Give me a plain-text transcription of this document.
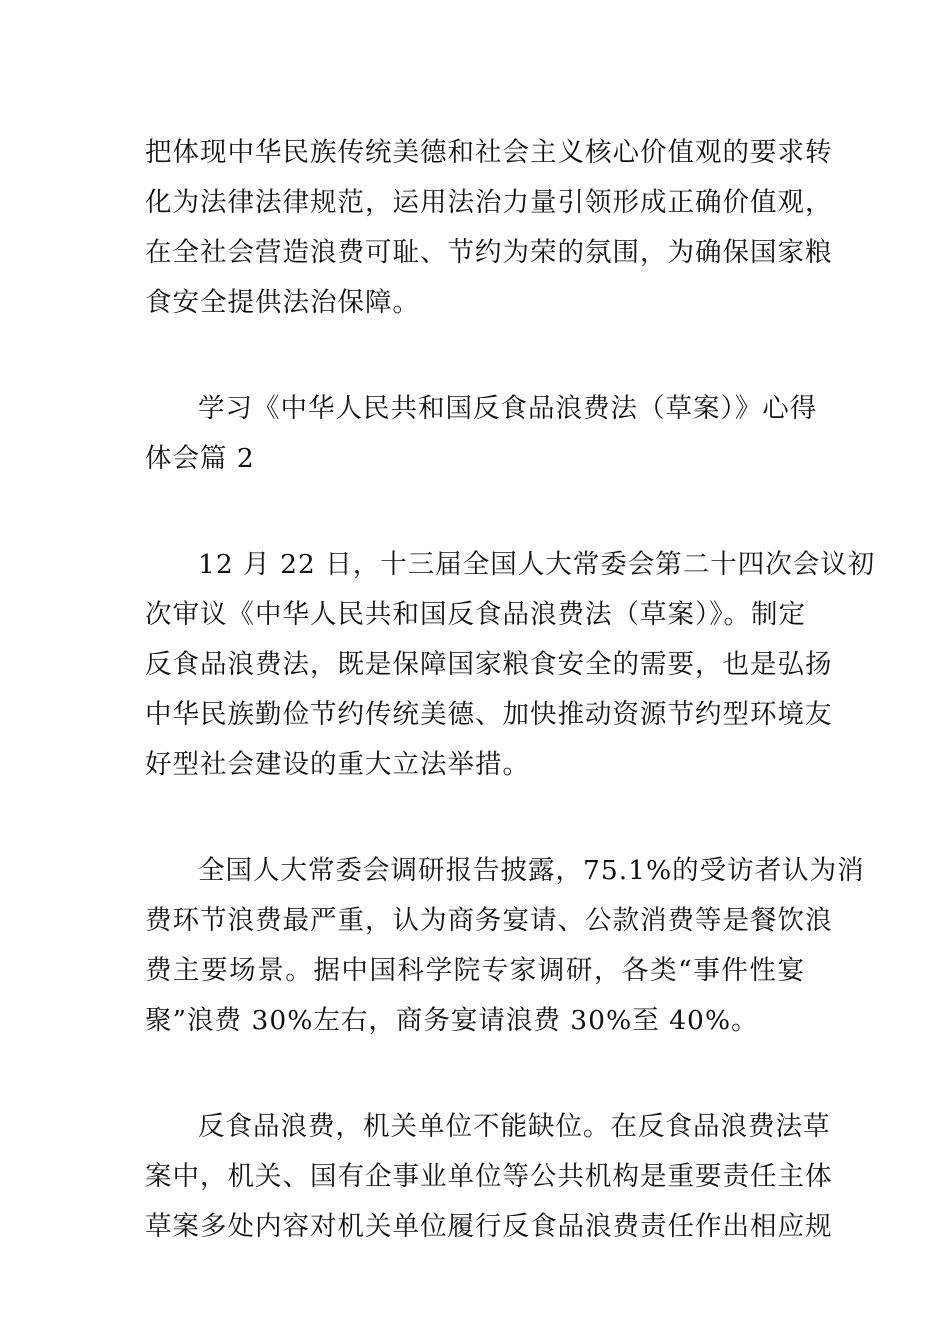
把体现中华民族传统美德和社会主义核心价值观的要求转
化为法律法律规范，运用法治力量引领形成正确价值观，
在全社会营造浪费可耻、节约为荣的氛围，为确保国家粮
食安全提供法治保障。
学习《中华人民共和国反食品浪费法（草案）》心得
体会篇 2
12 月 22 日，十三届全国人大常委会第二十四次会议初
次审议《中华人民共和国反食品浪费法（草案）》。制定
反食品浪费法，既是保障国家粮食安全的需要，也是弘扬
中华民族勤俭节约传统美德、加快推动资源节约型环境友
好型社会建设的重大立法举措。
全国人大常委会调研报告披露，75.1%的受访者认为消
费环节浪费最严重，认为商务宴请、公款消费等是餐饮浪
费主要场景。据中国科学院专家调研，各类“事件性宴
聚”浪费 30%左右，商务宴请浪费 30%至 40%。
反食品浪费，机关单位不能缺位。在反食品浪费法草
案中，机关、国有企事业单位等公共机构是重要责任主体
草案多处内容对机关单位履行反食品浪费责任作出相应规
